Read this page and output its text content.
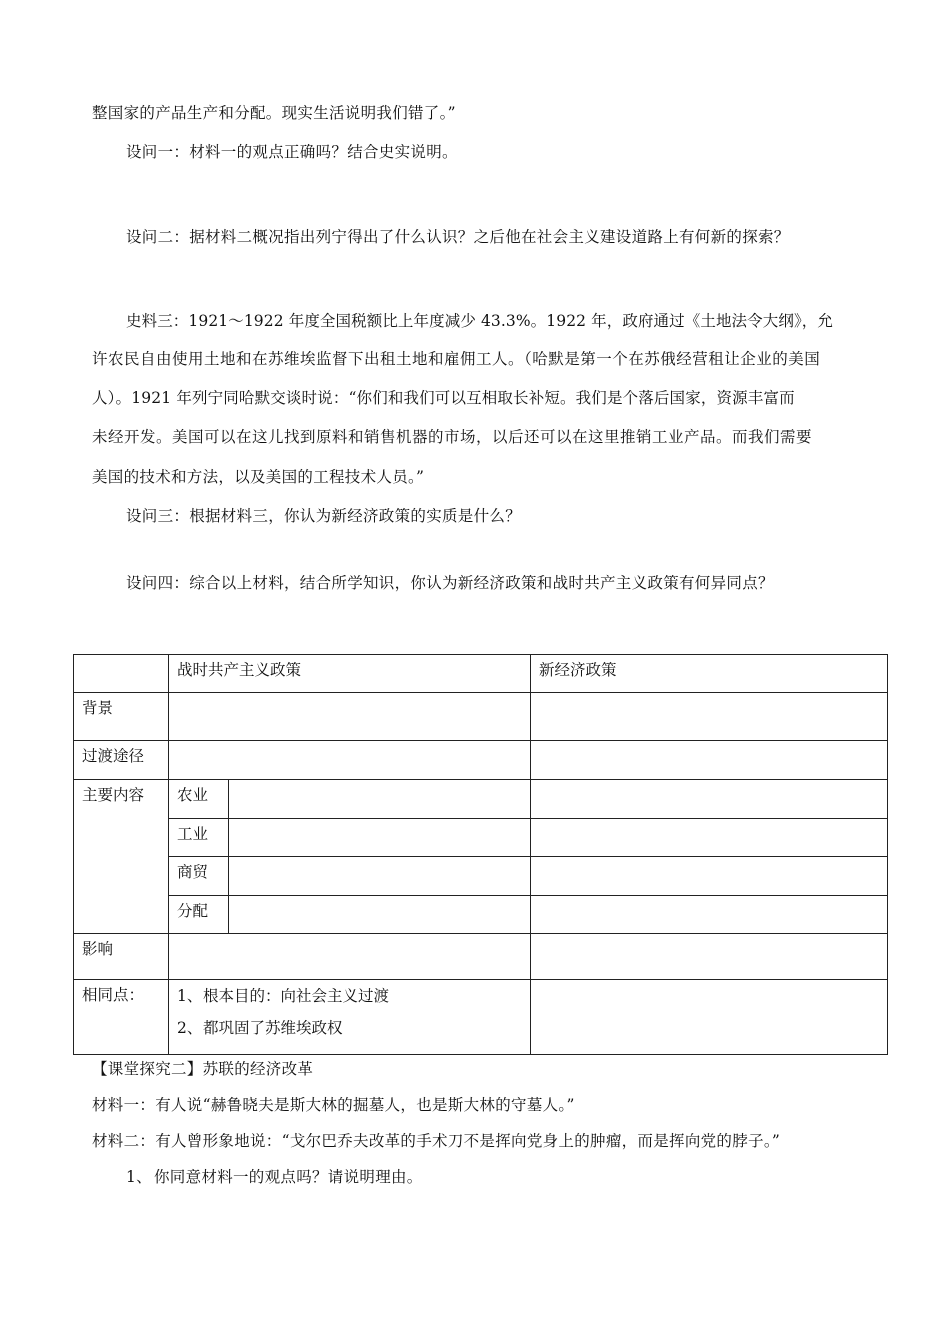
整国家的产品生产和分配。现实生活说明我们错了。”
设问一：材料一的观点正确吗？结合史实说明。
设问二：据材料二概况指出列宁得出了什么认识？之后他在社会主义建设道路上有何新的探索？
史料三：1921～1922 年度全国税额比上年度减少 43.3%。1922 年，政府通过《土地法令大纲》，允
许农民自由使用土地和在苏维埃监督下出租土地和雇佣工人。（哈默是第一个在苏俄经营租让企业的美国
人）。1921 年列宁同哈默交谈时说：“你们和我们可以互相取长补短。我们是个落后国家，资源丰富而
未经开发。美国可以在这儿找到原料和销售机器的市场，以后还可以在这里推销工业产品。而我们需要
美国的技术和方法，以及美国的工程技术人员。”
设问三：根据材料三，你认为新经济政策的实质是什么？
设问四：综合以上材料，结合所学知识，你认为新经济政策和战时共产主义政策有何异同点？
	战时共产主义政策		新经济政策
背景			
过渡途径			
主要内容	农业		
	工业		
	商贸		
	分配		
影响			
相同点：	1、根本目的：向社会主义过渡
2、都巩固了苏维埃政权		

【课堂探究二】苏联的经济改革
材料一：有人说“赫鲁晓夫是斯大林的掘墓人，也是斯大林的守墓人。”
材料二：有人曾形象地说：“戈尔巴乔夫改革的手术刀不是挥向党身上的肿瘤，而是挥向党的脖子。”
1、 你同意材料一的观点吗？请说明理由。
